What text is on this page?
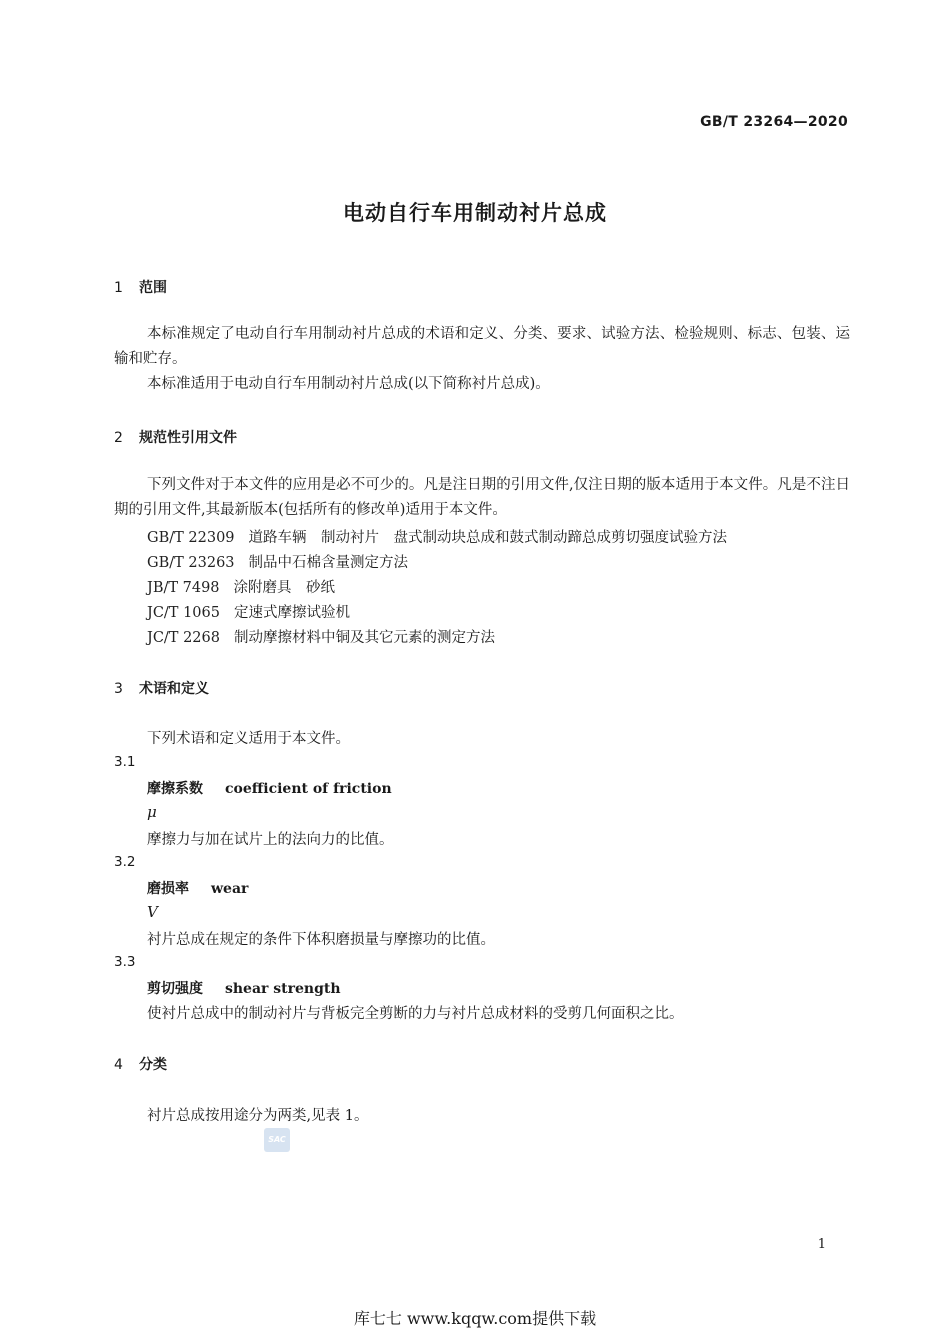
GB/T 23264—2020
电动自行车用制动衬片总成
1 范围
本标准规定了电动自行车用制动衬片总成的术语和定义、分类、要求、试验方法、检验规则、标志、包装、运输和贮存。
本标准适用于电动自行车用制动衬片总成(以下简称衬片总成)。
2 规范性引用文件
下列文件对于本文件的应用是必不可少的。凡是注日期的引用文件,仅注日期的版本适用于本文件。凡是不注日期的引用文件,其最新版本(包括所有的修改单)适用于本文件。
GB/T 22309 道路车辆　制动衬片　盘式制动块总成和鼓式制动蹄总成剪切强度试验方法
GB/T 23263 制品中石棉含量测定方法
JB/T 7498 涂附磨具　砂纸
JC/T 1065 定速式摩擦试验机
JC/T 2268 制动摩擦材料中铜及其它元素的测定方法
3 术语和定义
下列术语和定义适用于本文件。
3.1
摩擦系数 coefficient of friction
μ
摩擦力与加在试片上的法向力的比值。
3.2
磨损率 wear
V
衬片总成在规定的条件下体积磨损量与摩擦功的比值。
3.3
剪切强度 shear strength
使衬片总成中的制动衬片与背板完全剪断的力与衬片总成材料的受剪几何面积之比。
4 分类
衬片总成按用途分为两类,见表 1。
SAC
1
库七七 www.kqqw.com提供下载
